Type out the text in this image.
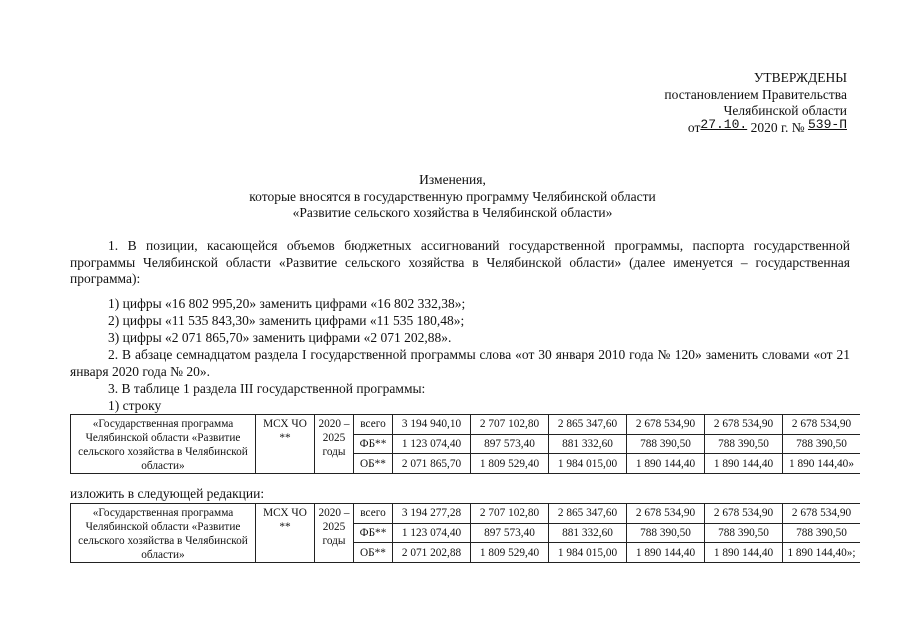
УТВЕРЖДЕНЫ
постановлением Правительства
Челябинской области
от27.10. 2020 г. № 539-П
Изменения,
которые вносятся в государственную программу Челябинской области
«Развитие сельского хозяйства в Челябинской области»

1. В позиции, касающейся объемов бюджетных ассигнований государственной программы, паспорта государственной программы Челябинской области «Развитие сельского хозяйства в Челябинской области» (далее именуется – государственная программа):

1) цифры «16 802 995,20» заменить цифрами «16 802 332,38»;

2) цифры «11 535 843,30» заменить цифрами «11 535 180,48»;

3) цифры «2 071 865,70» заменить цифрами «2 071 202,88».

2. В абзаце семнадцатом раздела I государственной программы слова «от 30 января 2010 года № 120» заменить словами «от 21 января 2020 года № 20».

3. В таблице 1 раздела III государственной программы:

1) строку

«Государственная программа Челябинской области «Развитие сельского хозяйства в Челябинской области»	МСХ ЧО **	2020 – 2025 годы	всего	3 194 940,10	2 707 102,80	2 865 347,60	2 678 534,90	2 678 534,90	2 678 534,90
			ФБ**	1 123 074,40	897 573,40	881 332,60	788 390,50	788 390,50	788 390,50
			ОБ**	2 071 865,70	1 809 529,40	1 984 015,00	1 890 144,40	1 890 144,40	1 890 144,40»

изложить в следующей редакции:

«Государственная программа Челябинской области «Развитие сельского хозяйства в Челябинской области»	МСХ ЧО **	2020 – 2025 годы	всего	3 194 277,28	2 707 102,80	2 865 347,60	2 678 534,90	2 678 534,90	2 678 534,90
			ФБ**	1 123 074,40	897 573,40	881 332,60	788 390,50	788 390,50	788 390,50
			ОБ**	2 071 202,88	1 809 529,40	1 984 015,00	1 890 144,40	1 890 144,40	1 890 144,40»;
